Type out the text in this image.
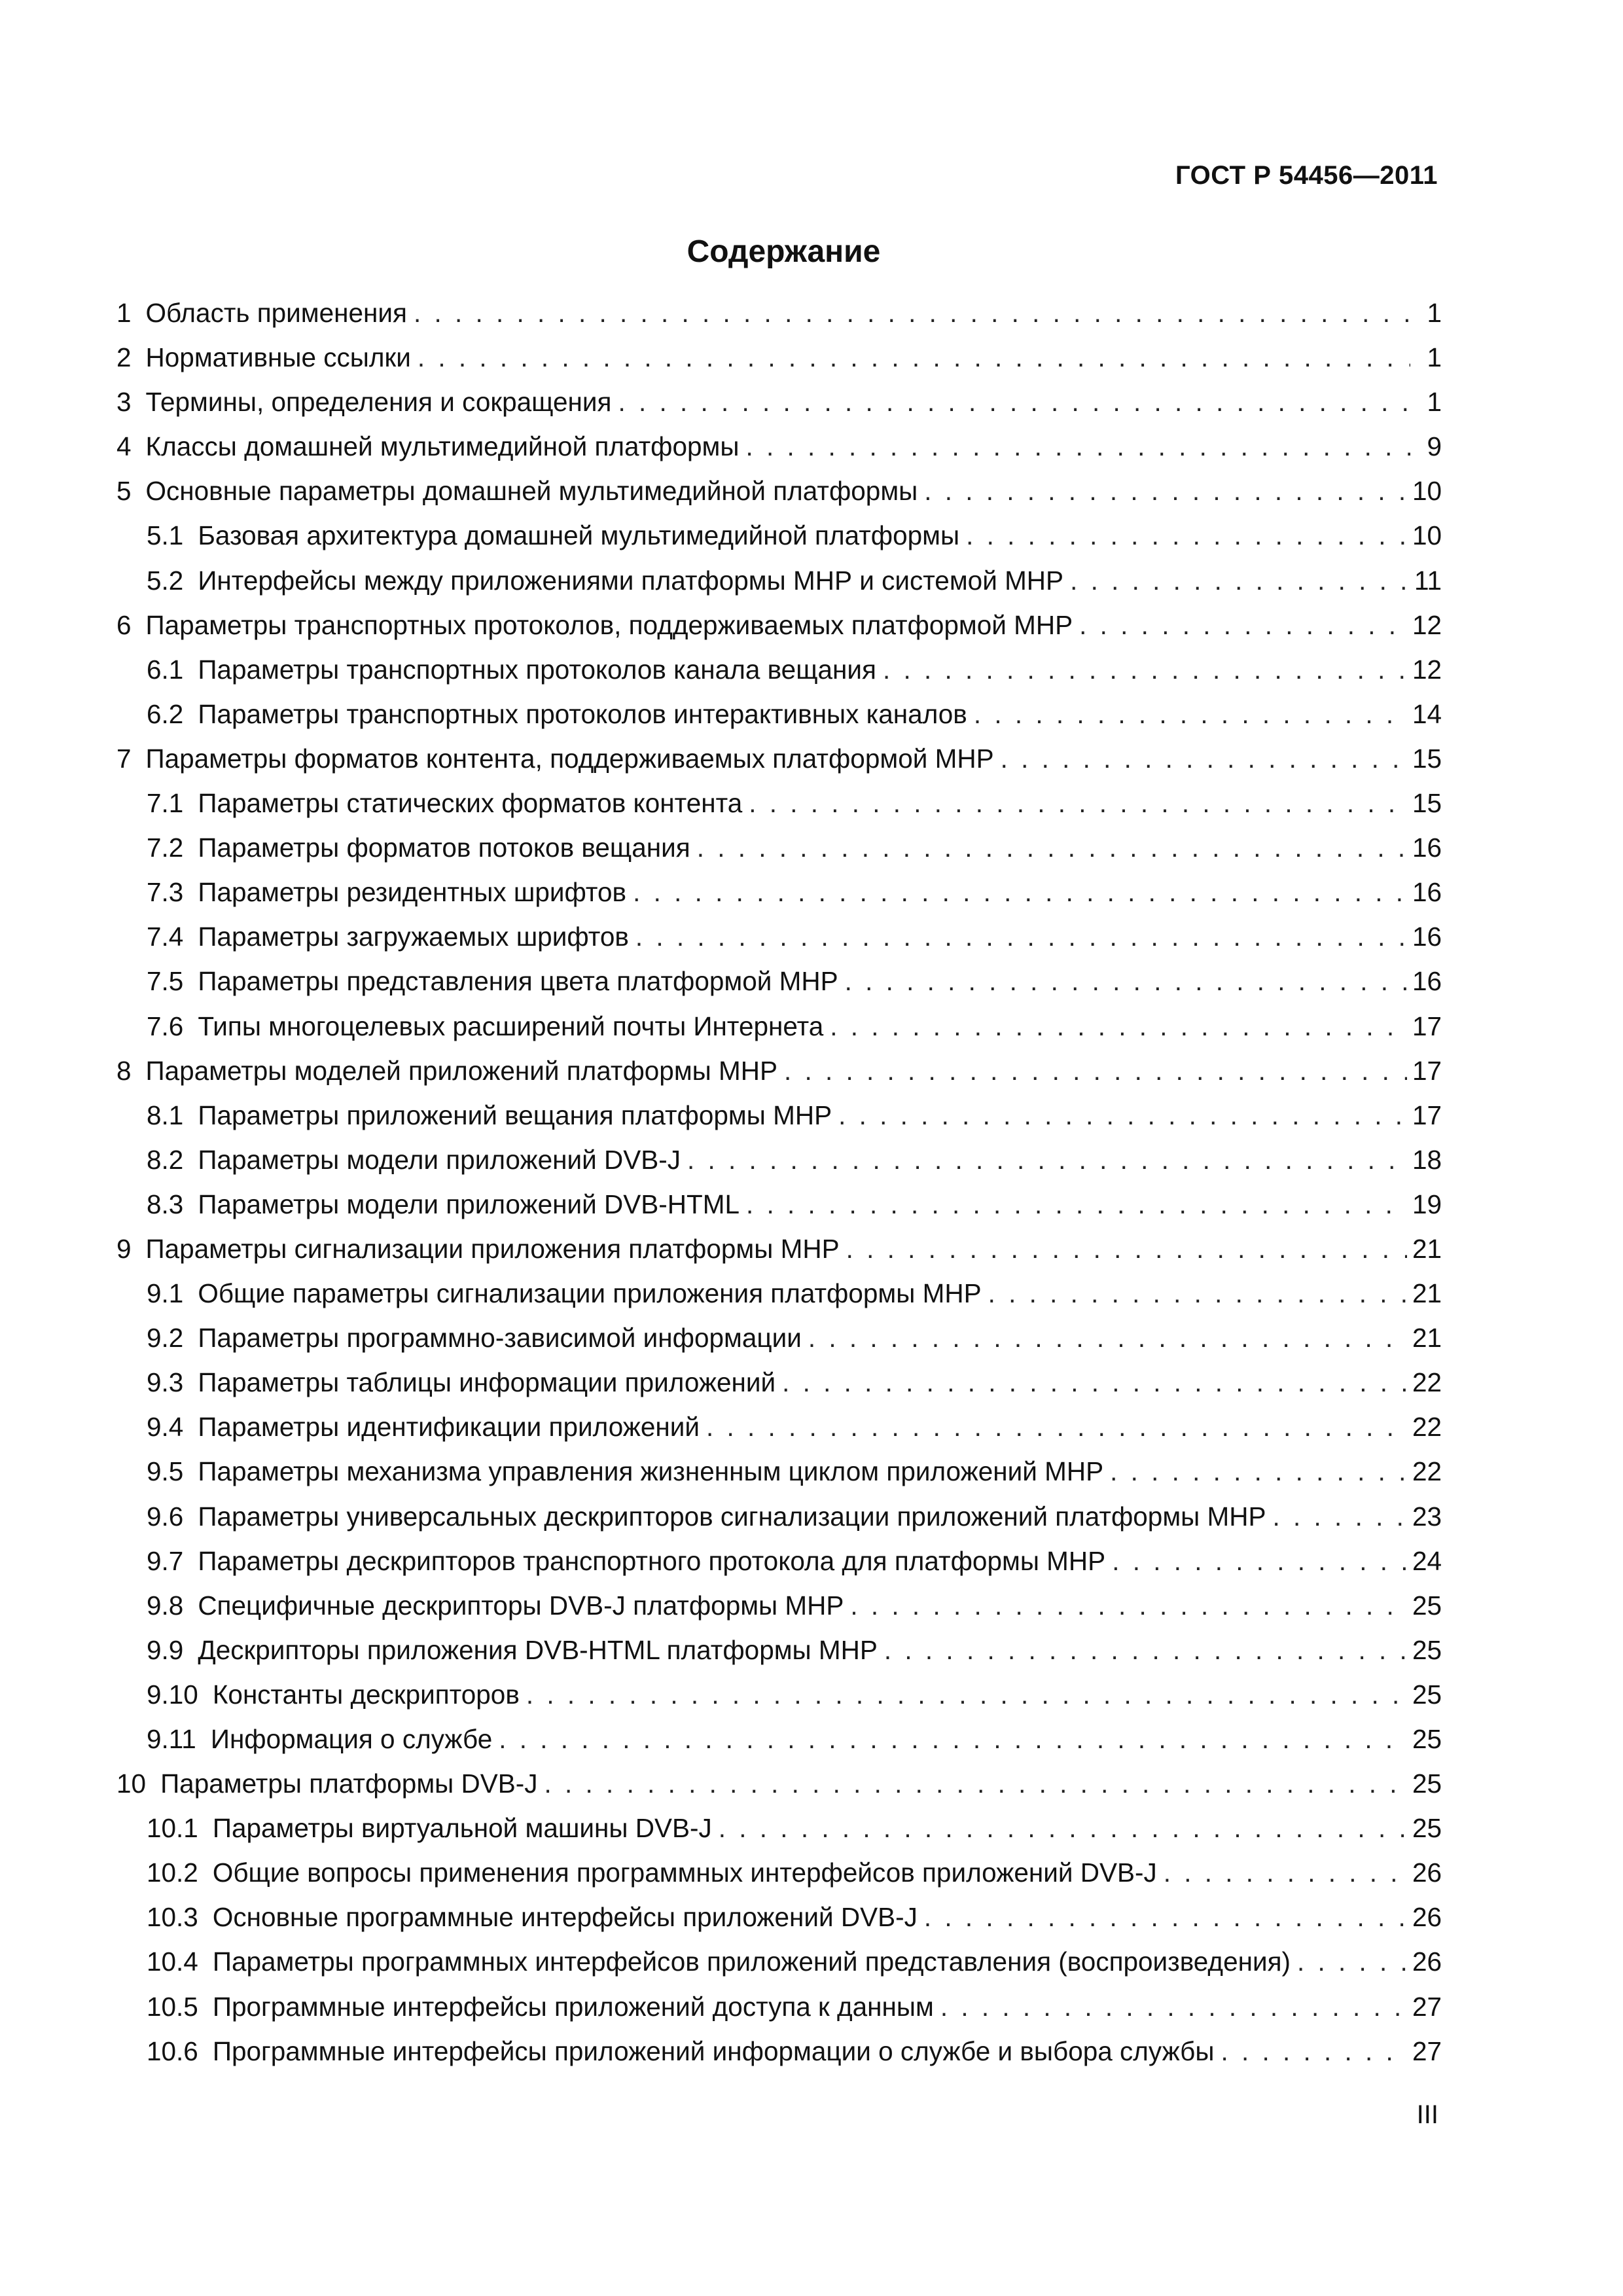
ГОСТ Р 54456—2011
Содержание
1 Область применения . . .	1
2 Нормативные ссылки . . .	1
3 Термины, определения и сокращения . . .	1
4 Классы домашней мультимедийной платформы . . .	9
5 Основные параметры домашней мультимедийной платформы . . .	10
5.1 Базовая архитектура домашней мультимедийной платформы . . .	10
5.2 Интерфейсы между приложениями платформы МНР и системой МНР . . .	11
6 Параметры транспортных протоколов, поддерживаемых платформой МНР . . .	12
6.1 Параметры транспортных протоколов канала вещания . . .	12
6.2 Параметры транспортных протоколов интерактивных каналов . . .	14
7 Параметры форматов контента, поддерживаемых платформой МНР . . .	15
7.1 Параметры статических форматов контента . . .	15
7.2 Параметры форматов потоков вещания . . .	16
7.3 Параметры резидентных шрифтов . . .	16
7.4 Параметры загружаемых шрифтов . . .	16
7.5 Параметры представления цвета платформой МНР . . .	16
7.6 Типы многоцелевых расширений почты Интернета . . .	17
8 Параметры моделей приложений платформы МНР . . .	17
8.1 Параметры приложений вещания платформы МНР . . .	17
8.2 Параметры модели приложений DVB-J . . .	18
8.3 Параметры модели приложений DVB-HTML . . .	19
9 Параметры сигнализации приложения платформы МНР . . .	21
9.1 Общие параметры сигнализации приложения платформы МНР . . .	21
9.2 Параметры программно-зависимой информации . . .	21
9.3 Параметры таблицы информации приложений . . .	22
9.4 Параметры идентификации приложений . . .	22
9.5 Параметры механизма управления жизненным циклом приложений МНР . . .	22
9.6 Параметры универсальных дескрипторов сигнализации приложений платформы МНР . . .	23
9.7 Параметры дескрипторов транспортного протокола для платформы МНР . . .	24
9.8 Специфичные дескрипторы DVB-J платформы МНР . . .	25
9.9 Дескрипторы приложения DVB-HTML платформы МНР . . .	25
9.10 Константы дескрипторов . . .	25
9.11 Информация о службе . . .	25
10 Параметры платформы DVB-J . . .	25
10.1 Параметры виртуальной машины DVB-J . . .	25
10.2 Общие вопросы применения программных интерфейсов приложений DVB-J . . .	26
10.3 Основные программные интерфейсы приложений DVB-J . . .	26
10.4 Параметры программных интерфейсов приложений представления (воспроизведения) . . .	26
10.5 Программные интерфейсы приложений доступа к данным . . .	27
10.6 Программные интерфейсы приложений информации о службе и выбора службы . . .	27
III
